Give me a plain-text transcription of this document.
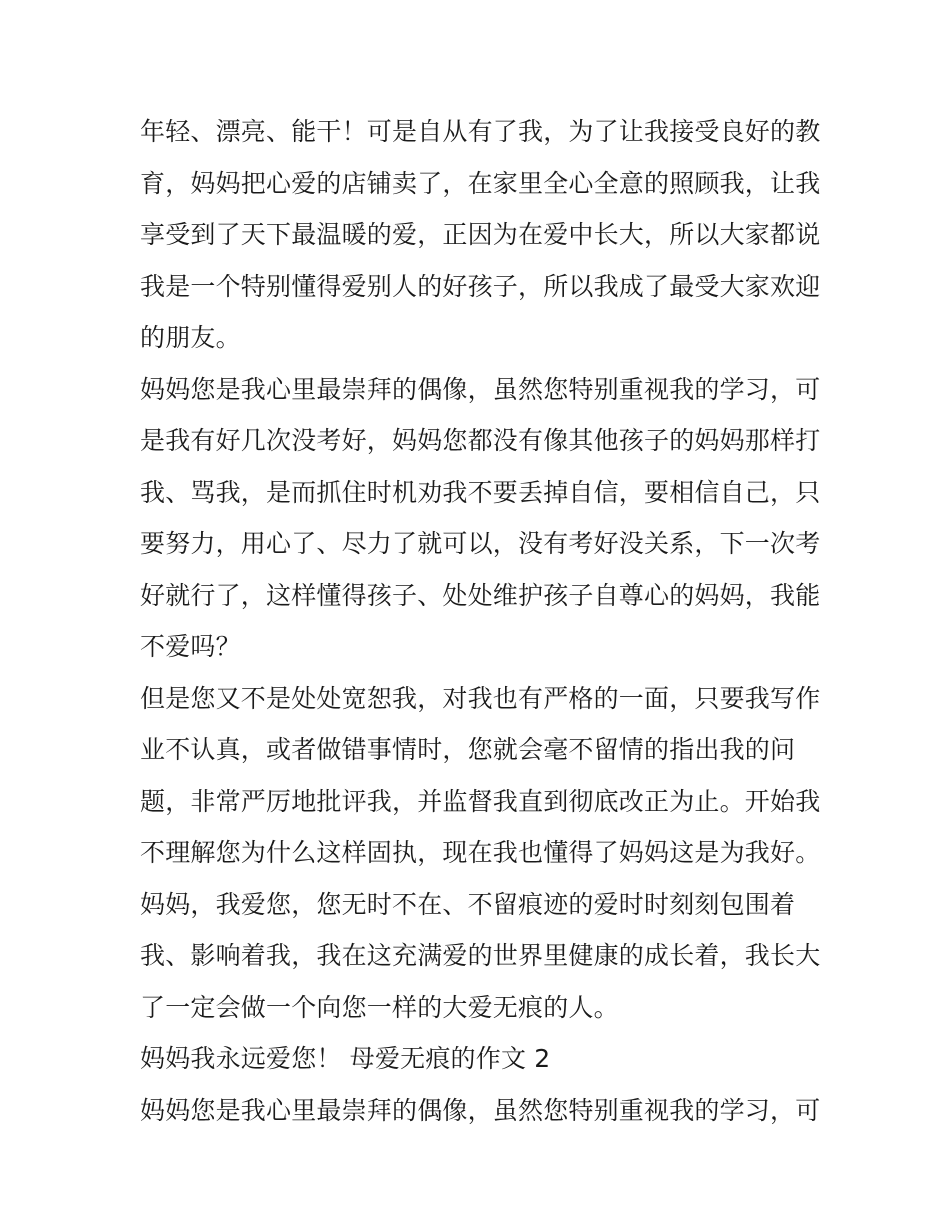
年轻、漂亮、能干！可是自从有了我，为了让我接受良好的教
育，妈妈把心爱的店铺卖了，在家里全心全意的照顾我，让我
享受到了天下最温暖的爱，正因为在爱中长大，所以大家都说
我是一个特别懂得爱别人的好孩子，所以我成了最受大家欢迎
的朋友。
妈妈您是我心里最崇拜的偶像，虽然您特别重视我的学习，可
是我有好几次没考好，妈妈您都没有像其他孩子的妈妈那样打
我、骂我，是而抓住时机劝我不要丢掉自信，要相信自己，只
要努力，用心了、尽力了就可以，没有考好没关系，下一次考
好就行了，这样懂得孩子、处处维护孩子自尊心的妈妈，我能
不爱吗？
但是您又不是处处宽恕我，对我也有严格的一面，只要我写作
业不认真，或者做错事情时，您就会毫不留情的指出我的问
题，非常严厉地批评我，并监督我直到彻底改正为止。开始我
不理解您为什么这样固执，现在我也懂得了妈妈这是为我好。
妈妈，我爱您，您无时不在、不留痕迹的爱时时刻刻包围着
我、影响着我，我在这充满爱的世界里健康的成长着，我长大
了一定会做一个向您一样的大爱无痕的人。
妈妈我永远爱您！ 母爱无痕的作文 2
妈妈您是我心里最崇拜的偶像，虽然您特别重视我的学习，可
